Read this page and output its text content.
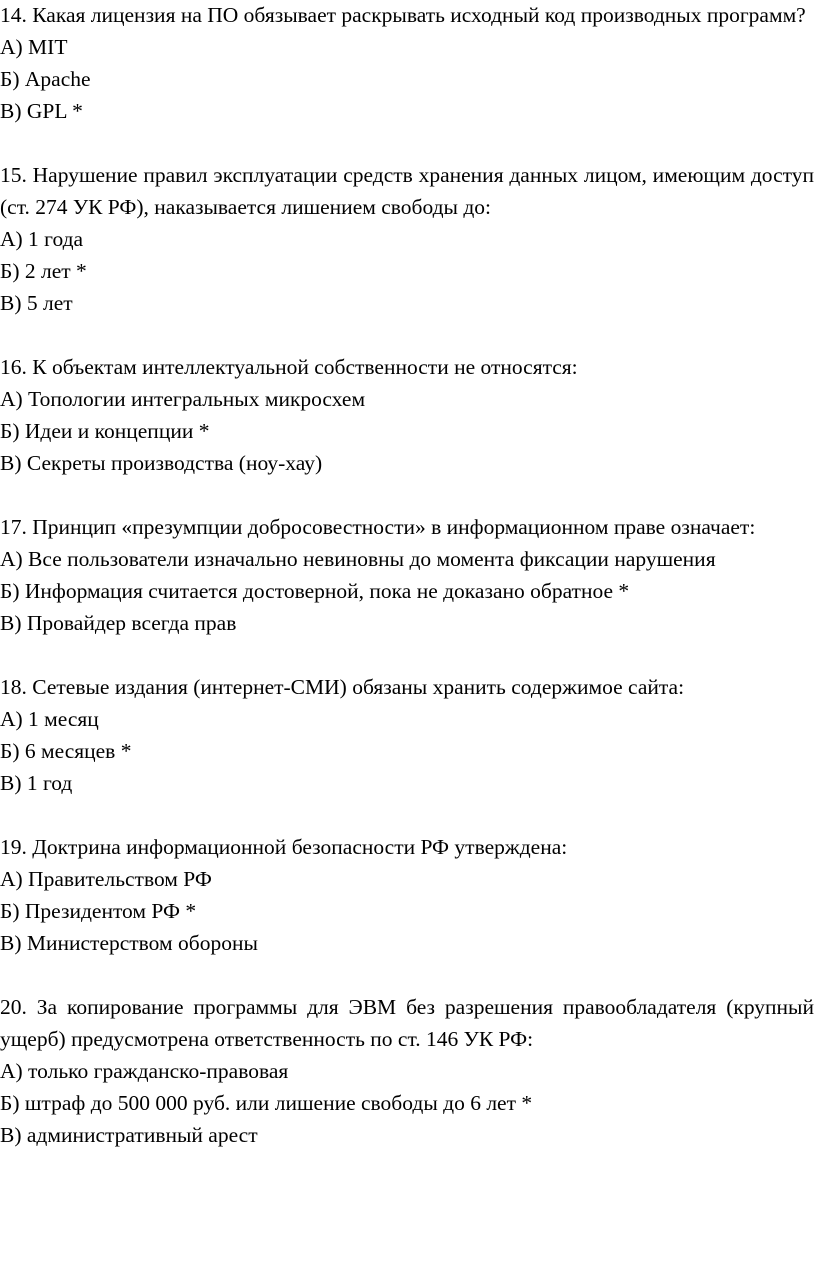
14. Какая лицензия на ПО обязывает раскрывать исходный код производных программ?

А) MIT

Б) Apache

В) GPL *

15. Нарушение правил эксплуатации средств хранения данных лицом, имеющим доступ (ст. 274 УК РФ), наказывается лишением свободы до:

А) 1 года

Б) 2 лет *

В) 5 лет

16. К объектам интеллектуальной собственности не относятся:

А) Топологии интегральных микросхем

Б) Идеи и концепции *

В) Секреты производства (ноу-хау)

17. Принцип «презумпции добросовестности» в информационном праве означает:

А) Все пользователи изначально невиновны до момента фиксации нарушения

Б) Информация считается достоверной, пока не доказано обратное *

В) Провайдер всегда прав

18. Сетевые издания (интернет-СМИ) обязаны хранить содержимое сайта:

А) 1 месяц

Б) 6 месяцев *

В) 1 год

19. Доктрина информационной безопасности РФ утверждена:

А) Правительством РФ

Б) Президентом РФ *

В) Министерством обороны

20. За копирование программы для ЭВМ без разрешения правообладателя (крупный ущерб) предусмотрена ответственность по ст. 146 УК РФ:

А) только гражданско-правовая

Б) штраф до 500 000 руб. или лишение свободы до 6 лет *

В) административный арест
